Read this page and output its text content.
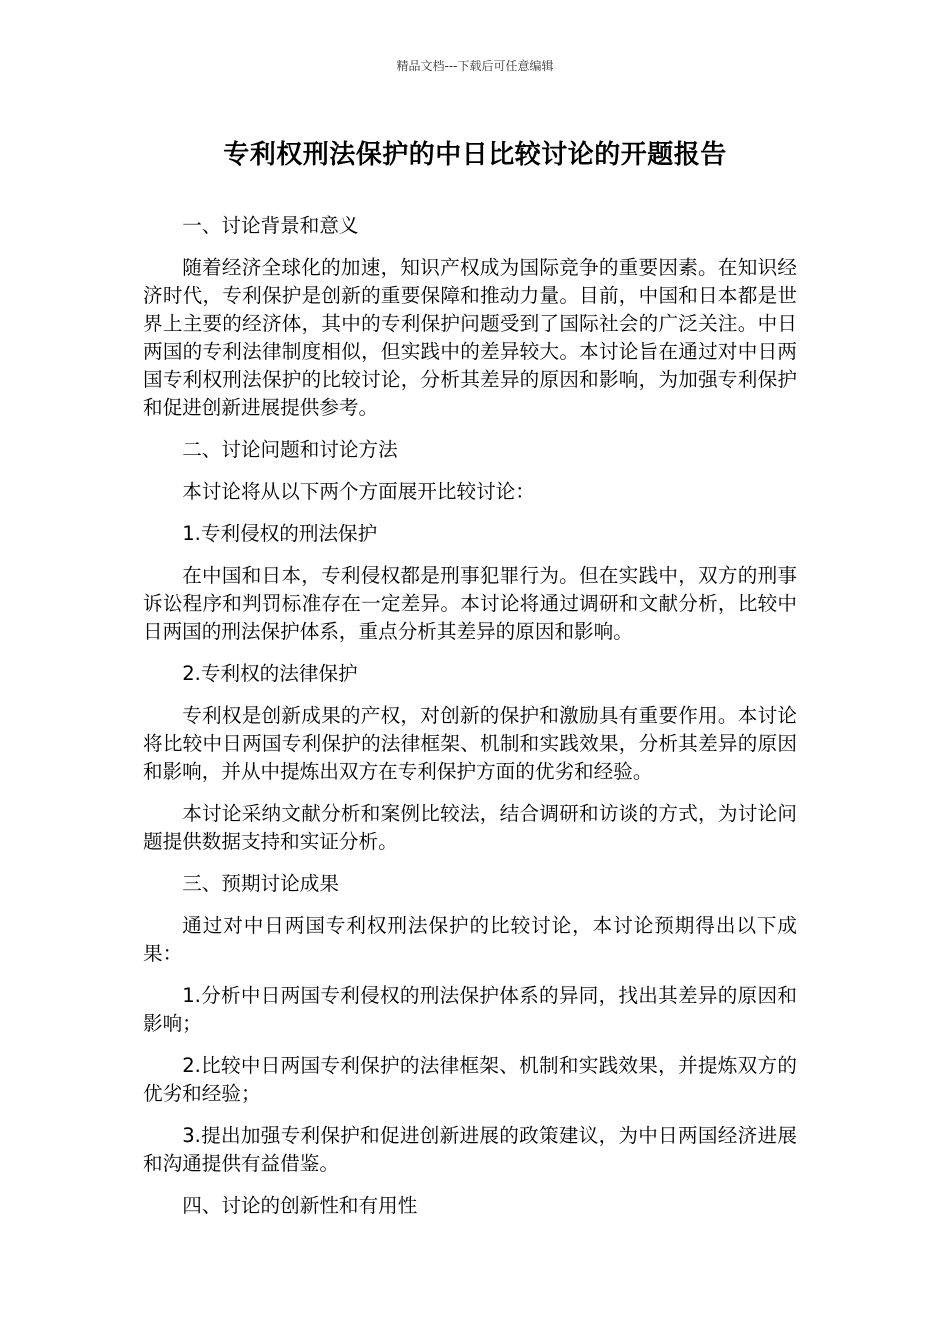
精品文档---下载后可任意编辑
专利权刑法保护的中日比较讨论的开题报告

一、讨论背景和意义

随着经济全球化的加速，知识产权成为国际竞争的重要因素。在知识经济时代，专利保护是创新的重要保障和推动力量。目前，中国和日本都是世界上主要的经济体，其中的专利保护问题受到了国际社会的广泛关注。中日两国的专利法律制度相似，但实践中的差异较大。本讨论旨在通过对中日两国专利权刑法保护的比较讨论，分析其差异的原因和影响，为加强专利保护和促进创新进展提供参考。

二、讨论问题和讨论方法

本讨论将从以下两个方面展开比较讨论：

1.专利侵权的刑法保护

在中国和日本，专利侵权都是刑事犯罪行为。但在实践中，双方的刑事诉讼程序和判罚标准存在一定差异。本讨论将通过调研和文献分析，比较中日两国的刑法保护体系，重点分析其差异的原因和影响。

2.专利权的法律保护

专利权是创新成果的产权，对创新的保护和激励具有重要作用。本讨论将比较中日两国专利保护的法律框架、机制和实践效果，分析其差异的原因和影响，并从中提炼出双方在专利保护方面的优劣和经验。

本讨论采纳文献分析和案例比较法，结合调研和访谈的方式，为讨论问题提供数据支持和实证分析。

三、预期讨论成果

通过对中日两国专利权刑法保护的比较讨论，本讨论预期得出以下成果：

1.分析中日两国专利侵权的刑法保护体系的异同，找出其差异的原因和影响；

2.比较中日两国专利保护的法律框架、机制和实践效果，并提炼双方的优劣和经验；

3.提出加强专利保护和促进创新进展的政策建议，为中日两国经济进展和沟通提供有益借鉴。

四、讨论的创新性和有用性
